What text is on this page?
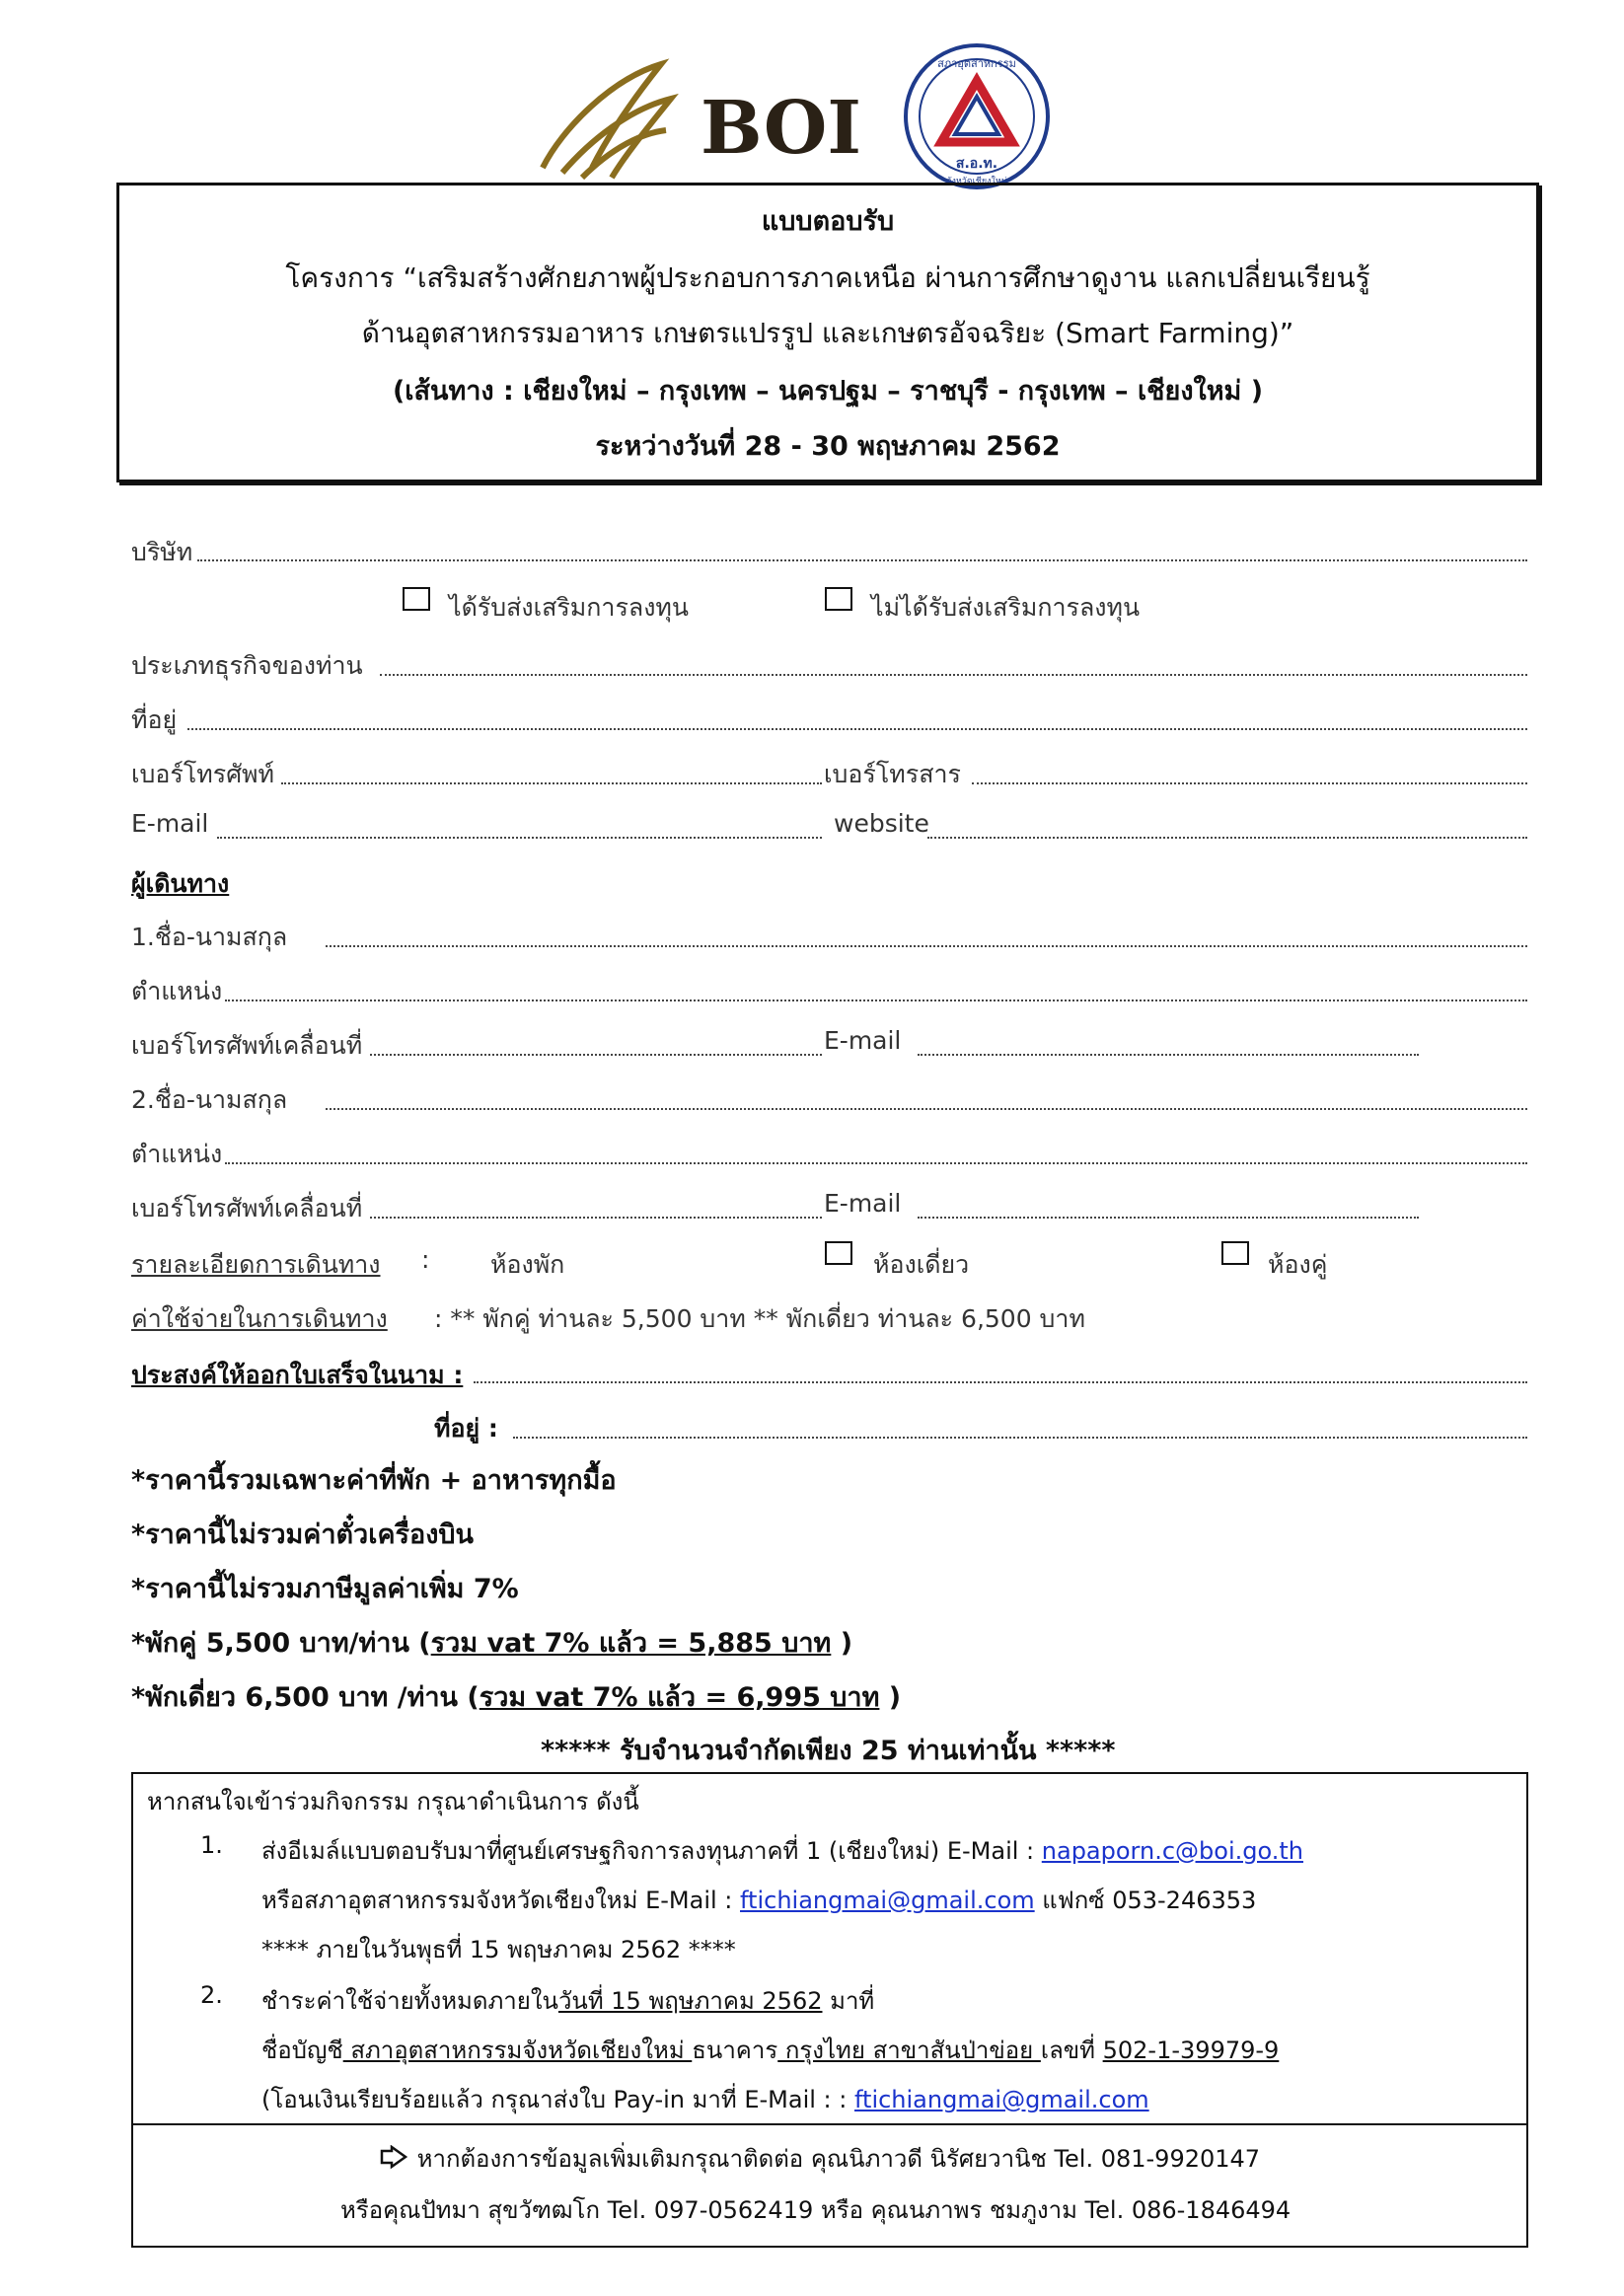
BOI	ส.อ.ท.
สภาอุตสาหกรรม
จังหวัดเชียงใหม่
แบบตอบรับ
โครงการ “เสริมสร้างศักยภาพผู้ประกอบการภาคเหนือ ผ่านการศึกษาดูงาน แลกเปลี่ยนเรียนรู้
ด้านอุตสาหกรรมอาหาร เกษตรแปรรูป และเกษตรอัจฉริยะ (Smart Farming)”
(เส้นทาง : เชียงใหม่ – กรุงเทพ – นครปฐม – ราชบุรี - กรุงเทพ – เชียงใหม่ )
ระหว่างวันที่ 28 - 30 พฤษภาคม 2562
บริษัท
ได้รับส่งเสริมการลงทุน	ไม่ได้รับส่งเสริมการลงทุน
ประเภทธุรกิจของท่าน
ที่อยู่
เบอร์โทรศัพท์	เบอร์โทรสาร
E-mail	website
ผู้เดินทาง
1.ชื่อ-นามสกุล
ตำแหน่ง
เบอร์โทรศัพท์เคลื่อนที่	E-mail
2.ชื่อ-นามสกุล
ตำแหน่ง
เบอร์โทรศัพท์เคลื่อนที่	E-mail
รายละเอียดการเดินทาง : ห้องพัก	ห้องเดี่ยว	ห้องคู่
ค่าใช้จ่ายในการเดินทาง : ** พักคู่ ท่านละ 5,500 บาท ** พักเดี่ยว ท่านละ 6,500 บาท
ประสงค์ให้ออกใบเสร็จในนาม :
ที่อยู่ :
*ราคานี้รวมเฉพาะค่าที่พัก + อาหารทุกมื้อ
*ราคานี้ไม่รวมค่าตั๋วเครื่องบิน
*ราคานี้ไม่รวมภาษีมูลค่าเพิ่ม 7%
*พักคู่ 5,500 บาท/ท่าน (รวม vat 7% แล้ว = 5,885 บาท )
*พักเดี่ยว 6,500 บาท /ท่าน (รวม vat 7% แล้ว = 6,995 บาท )
***** รับจำนวนจำกัดเพียง 25 ท่านเท่านั้น *****
หากสนใจเข้าร่วมกิจกรรม กรุณาดำเนินการ ดังนี้
1. ส่งอีเมล์แบบตอบรับมาที่ศูนย์เศรษฐกิจการลงทุนภาคที่ 1 (เชียงใหม่) E-Mail : napaporn.c@boi.go.th
หรือสภาอุตสาหกรรมจังหวัดเชียงใหม่ E-Mail : ftichiangmai@gmail.com แฟกซ์ 053-246353
**** ภายในวันพุธที่ 15 พฤษภาคม 2562 ****
2. ชำระค่าใช้จ่ายทั้งหมดภายในวันที่ 15 พฤษภาคม 2562 มาที่
ชื่อบัญชี สภาอุตสาหกรรมจังหวัดเชียงใหม่ ธนาคาร กรุงไทย สาขาสันป่าข่อย เลขที่ 502-1-39979-9
(โอนเงินเรียบร้อยแล้ว กรุณาส่งใบ Pay-in มาที่ E-Mail : : ftichiangmai@gmail.com
หากต้องการข้อมูลเพิ่มเติมกรุณาติดต่อ คุณนิภาวดี นิรัศยวานิช Tel. 081-9920147
หรือคุณปัทมา สุขวัฑฒโก Tel. 097-0562419 หรือ คุณนภาพร ชมภูงาม Tel. 086-1846494
